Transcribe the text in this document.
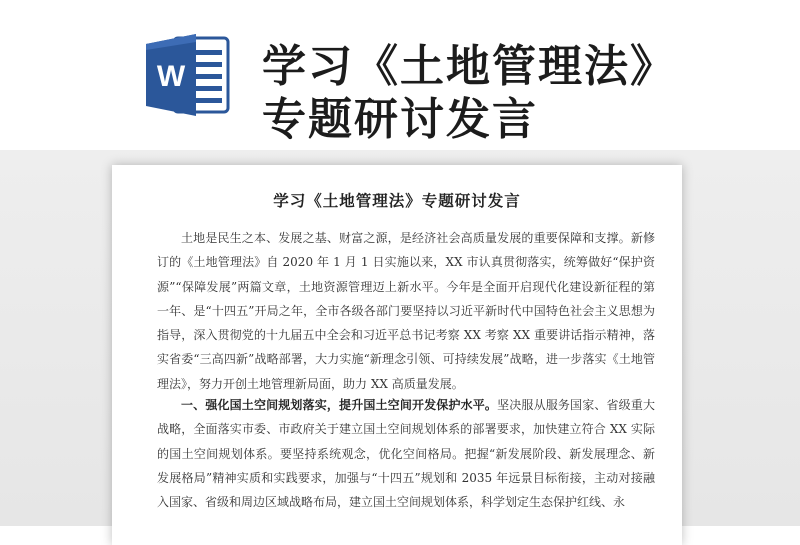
W 学习《土地管理法》
专题研讨发言
学习《土地管理法》专题研讨发言
土地是民生之本、发展之基、财富之源，是经济社会高质量发展的重要保障和支撑。新修订的《土地管理法》自 2020 年 1 月 1 日实施以来，XX 市认真贯彻落实，统筹做好“保护资源”“保障发展”两篇文章，土地资源管理迈上新水平。今年是全面开启现代化建设新征程的第一年、是“十四五”开局之年，全市各级各部门要坚持以习近平新时代中国特色社会主义思想为指导，深入贯彻党的十九届五中全会和习近平总书记考察 XX 考察 XX 重要讲话指示精神，落实省委“三高四新”战略部署，大力实施“新理念引领、可持续发展”战略，进一步落实《土地管理法》，努力开创土地管理新局面，助力 XX 高质量发展。
一、强化国土空间规划落实，提升国土空间开发保护水平。坚决服从服务国家、省级重大战略，全面落实市委、市政府关于建立国土空间规划体系的部署要求，加快建立符合 XX 实际的国土空间规划体系。要坚持系统观念，优化空间格局。把握“新发展阶段、新发展理念、新发展格局”精神实质和实践要求，加强与“十四五”规划和 2035 年远景目标衔接，主动对接融入国家、省级和周边区域战略布局，建立国土空间规划体系，科学划定生态保护红线、永
